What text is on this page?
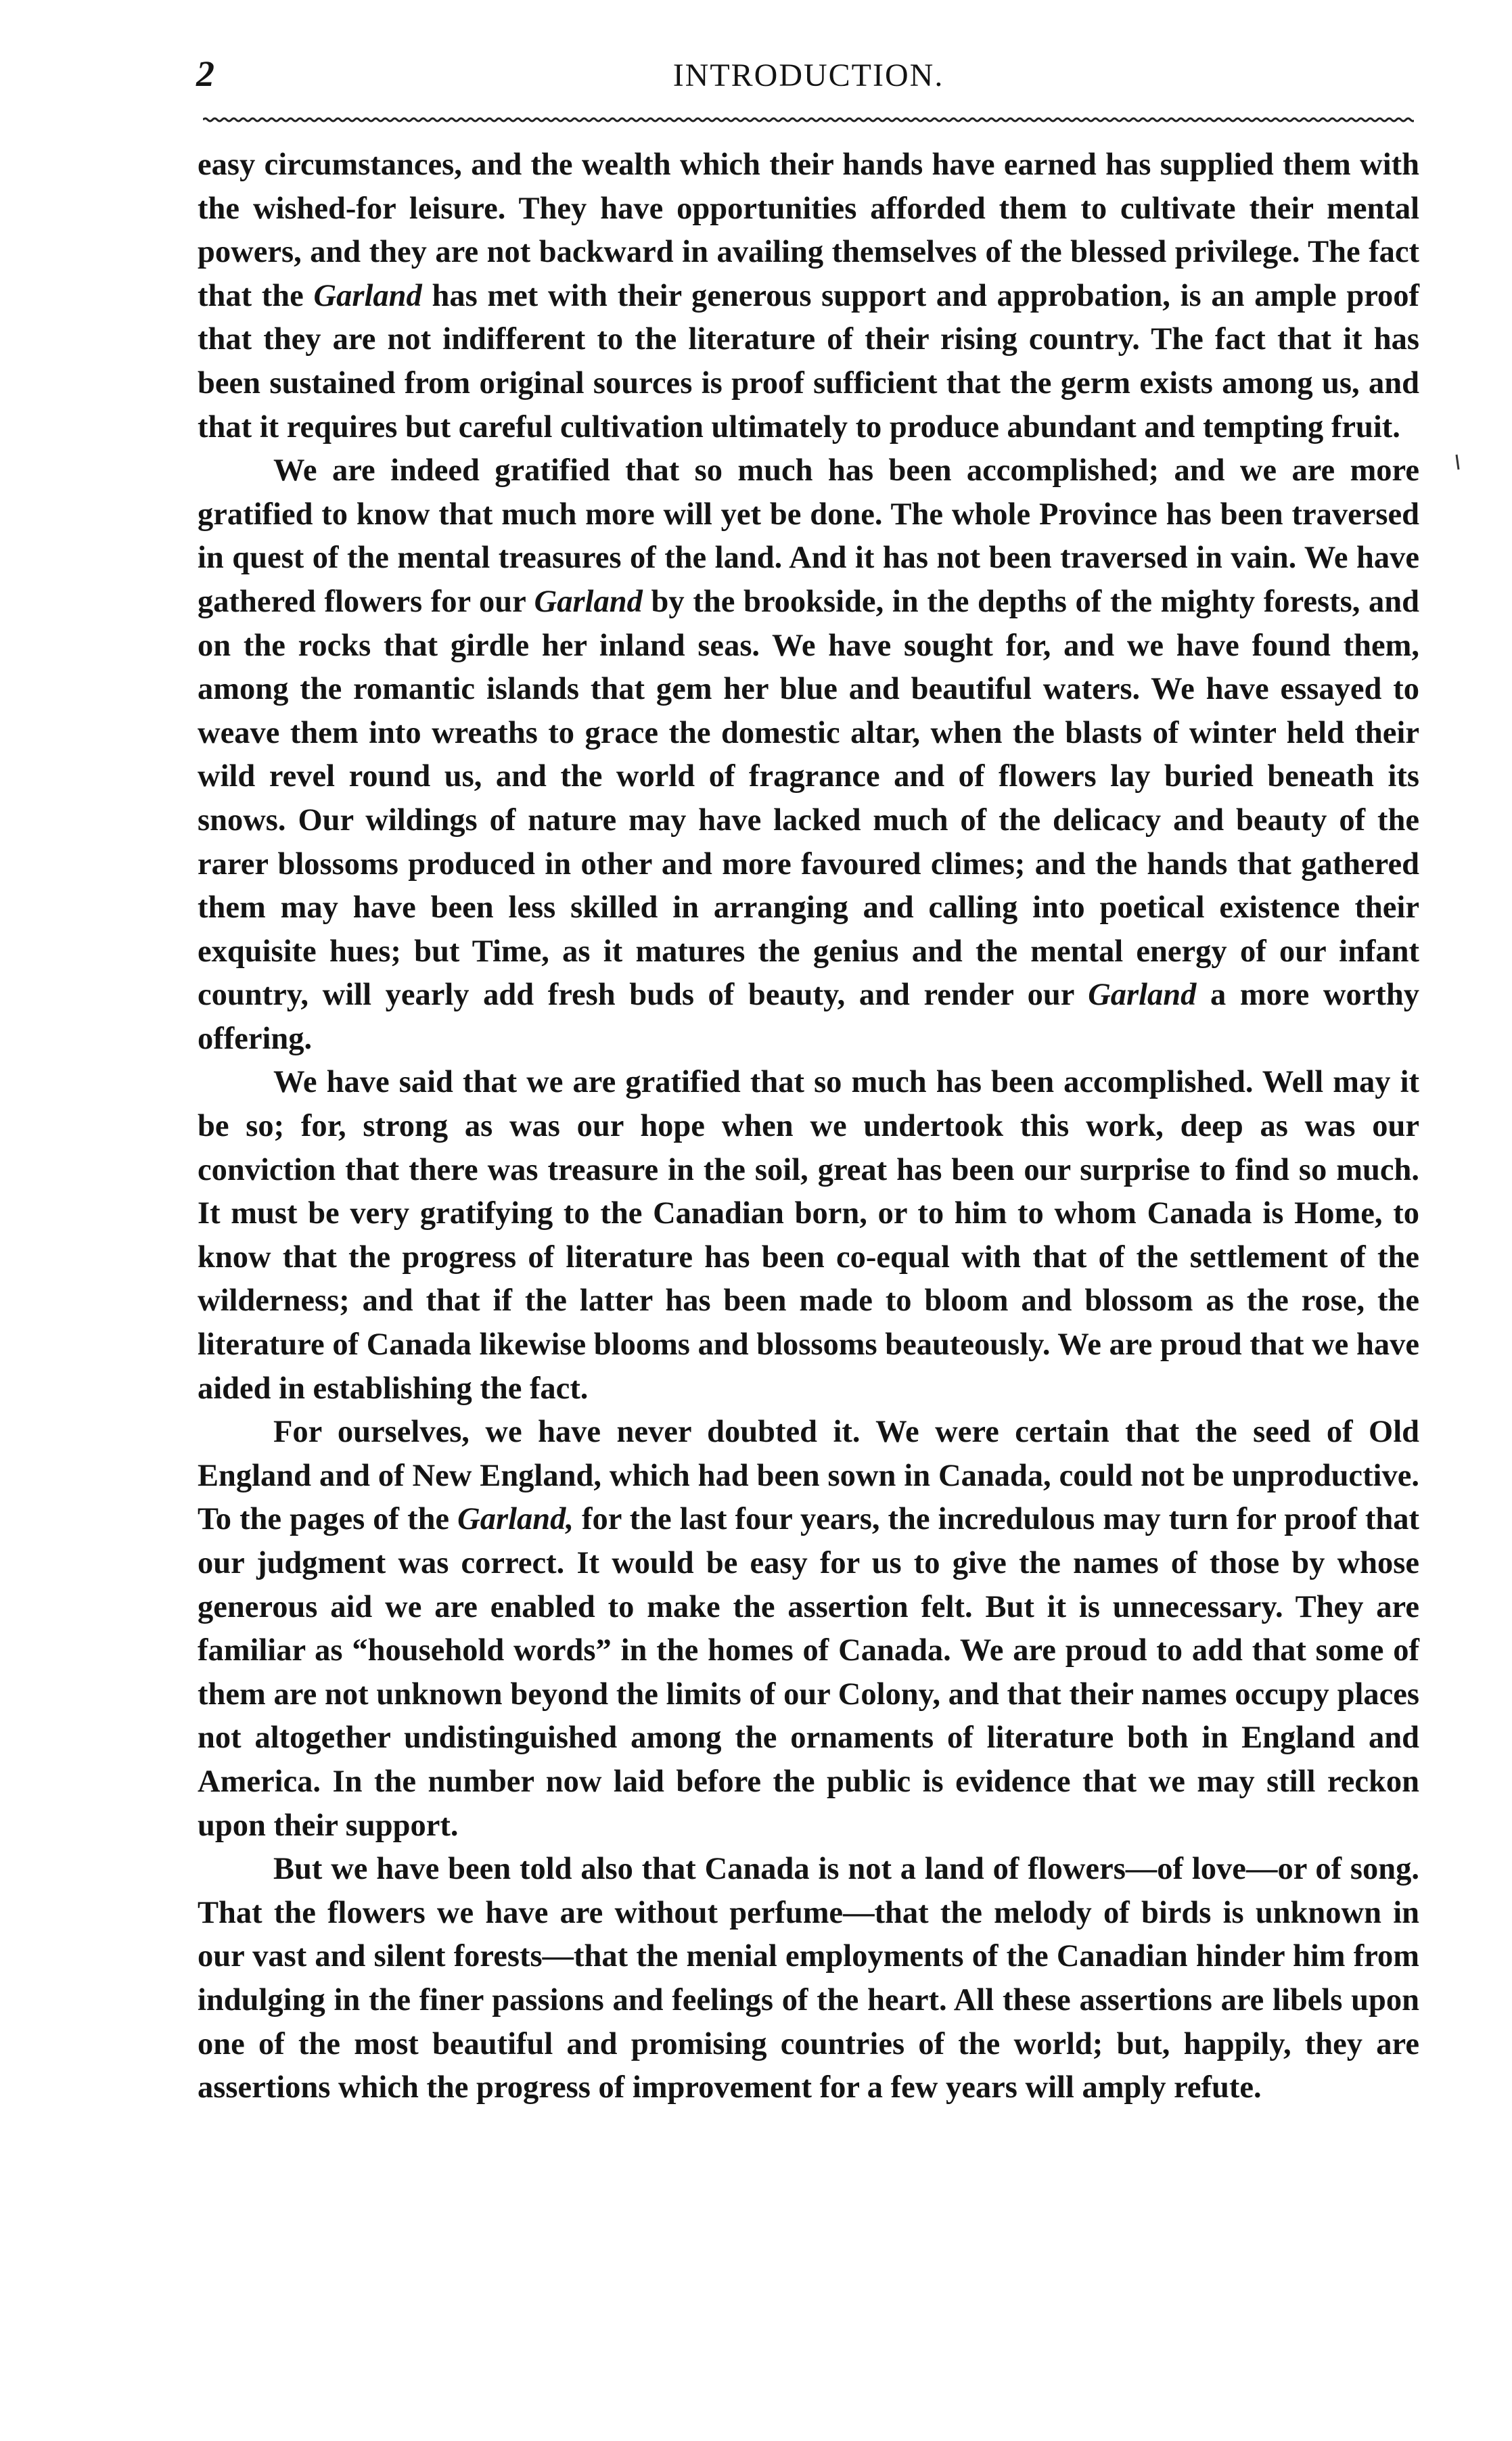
2	INTRODUCTION.

easy circumstances, and the wealth which their hands have earned has supplied them with the wished-for leisure. They have opportunities afforded them to cultivate their mental powers, and they are not backward in availing themselves of the blessed privilege. The fact that the Garland has met with their generous support and approbation, is an ample proof that they are not indifferent to the literature of their rising country. The fact that it has been sustained from original sources is proof sufficient that the germ exists among us, and that it requires but careful cultivation ultimately to produce abundant and tempting fruit.

We are indeed gratified that so much has been accomplished; and we are more gratified to know that much more will yet be done. The whole Province has been traversed in quest of the mental treasures of the land. And it has not been traversed in vain. We have gathered flowers for our Garland by the brookside, in the depths of the mighty forests, and on the rocks that girdle her inland seas. We have sought for, and we have found them, among the romantic islands that gem her blue and beautiful waters. We have essayed to weave them into wreaths to grace the domestic altar, when the blasts of winter held their wild revel round us, and the world of fragrance and of flowers lay buried beneath its snows. Our wildings of nature may have lacked much of the delicacy and beauty of the rarer blossoms produced in other and more favoured climes; and the hands that gathered them may have been less skilled in arranging and calling into poetical existence their exquisite hues; but Time, as it matures the genius and the mental energy of our infant country, will yearly add fresh buds of beauty, and render our Garland a more worthy offering.

We have said that we are gratified that so much has been accomplished. Well may it be so; for, strong as was our hope when we undertook this work, deep as was our conviction that there was treasure in the soil, great has been our surprise to find so much. It must be very gratifying to the Canadian born, or to him to whom Canada is Home, to know that the progress of literature has been co-equal with that of the settlement of the wilderness; and that if the latter has been made to bloom and blossom as the rose, the literature of Canada likewise blooms and blossoms beauteously. We are proud that we have aided in establishing the fact.

For ourselves, we have never doubted it. We were certain that the seed of Old England and of New England, which had been sown in Canada, could not be unproductive. To the pages of the Garland, for the last four years, the incredulous may turn for proof that our judgment was correct. It would be easy for us to give the names of those by whose generous aid we are enabled to make the assertion felt. But it is unnecessary. They are familiar as “household words” in the homes of Canada. We are proud to add that some of them are not unknown beyond the limits of our Colony, and that their names occupy places not altogether undistinguished among the ornaments of literature both in England and America. In the number now laid before the public is evidence that we may still reckon upon their support.

But we have been told also that Canada is not a land of flowers—of love—or of song. That the flowers we have are without perfume—that the melody of birds is unknown in our vast and silent forests—that the menial employments of the Canadian hinder him from indulging in the finer passions and feelings of the heart. All these assertions are libels upon one of the most beautiful and promising countries of the world; but, happily, they are assertions which the progress of improvement for a few years will amply refute.
